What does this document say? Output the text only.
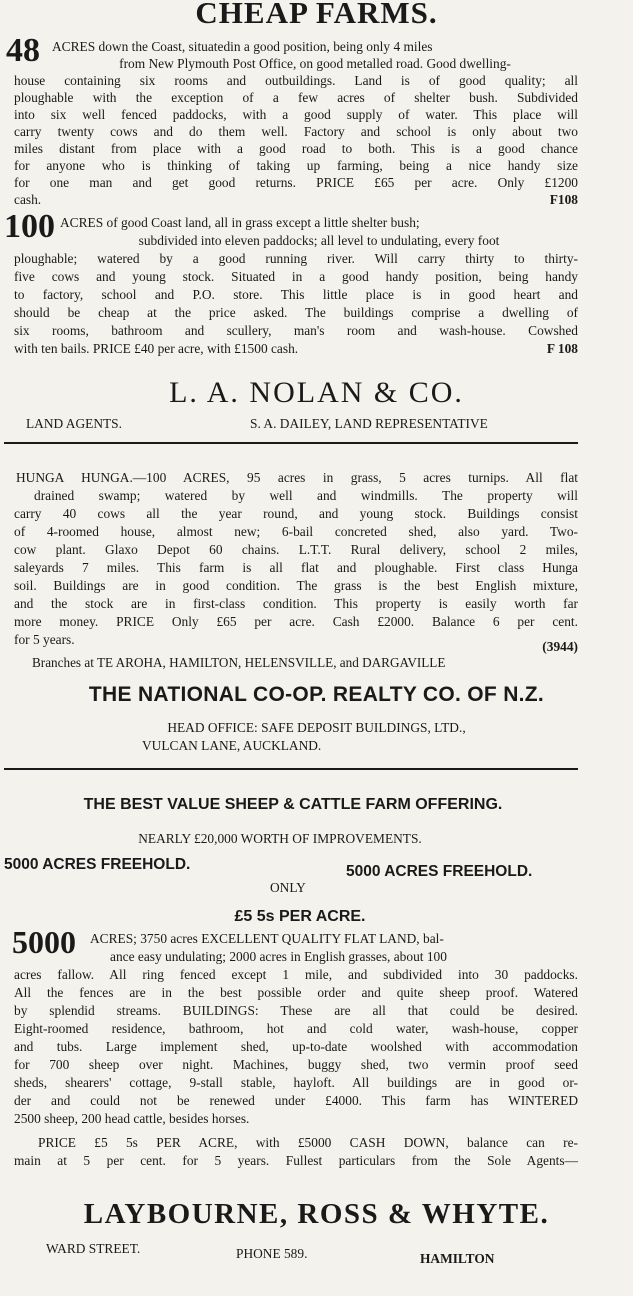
CHEAP FARMS.
48 ACRES down the Coast, situatedin a good position, being only 4 miles
from New Plymouth Post Office, on good metalled road. Good dwelling-
house containing six rooms and outbuildings. Land is of good quality; all
ploughable with the exception of a few acres of shelter bush. Subdivided
into six well fenced paddocks, with a good supply of water. This place will
carry twenty cows and do them well. Factory and school is only about two
miles distant from place with a good road to both. This is a good chance
for anyone who is thinking of taking up farming, being a nice handy size
for one man and get good returns. PRICE £65 per acre. Only £1200
cash.	F108
100 ACRES of good Coast land, all in grass except a little shelter bush;
subdivided into eleven paddocks; all level to undulating, every foot
ploughable; watered by a good running river. Will carry thirty to thirty-
five cows and young stock. Situated in a good handy position, being handy
to factory, school and P.O. store. This little place is in good heart and
should be cheap at the price asked. The buildings comprise a dwelling of
six rooms, bathroom and scullery, man's room and wash-house. Cowshed
with ten bails. PRICE £40 per acre, with £1500 cash.	F 108
L. A. NOLAN & CO.
LAND AGENTS.	S. A. DAILEY, LAND REPRESENTATIVE
HUNGA HUNGA.—100 ACRES, 95 acres in grass, 5 acres turnips. All flat
drained swamp; watered by well and windmills. The property will
carry 40 cows all the year round, and young stock. Buildings consist
of 4-roomed house, almost new; 6-bail concreted shed, also yard. Two-
cow plant. Glaxo Depot 60 chains. L.T.T. Rural delivery, school 2 miles,
saleyards 7 miles. This farm is all flat and ploughable. First class Hunga
soil. Buildings are in good condition. The grass is the best English mixture,
and the stock are in first-class condition. This property is easily worth far
more money. PRICE Only £65 per acre. Cash £2000. Balance 6 per cent.
for 5 years.	(3944)
Branches at TE AROHA, HAMILTON, HELENSVILLE, and DARGAVILLE
THE NATIONAL CO-OP. REALTY CO. OF N.Z.
HEAD OFFICE: SAFE DEPOSIT BUILDINGS, LTD.,
VULCAN LANE, AUCKLAND.
THE BEST VALUE SHEEP & CATTLE FARM OFFERING.
NEARLY £20,000 WORTH OF IMPROVEMENTS.
5000 ACRES FREEHOLD.	5000 ACRES FREEHOLD.
ONLY
£5 5s PER ACRE.
5000 ACRES; 3750 acres EXCELLENT QUALITY FLAT LAND, bal-
ance easy undulating; 2000 acres in English grasses, about 100
acres fallow. All ring fenced except 1 mile, and subdivided into 30 paddocks.
All the fences are in the best possible order and quite sheep proof. Watered
by splendid streams. BUILDINGS: These are all that could be desired.
Eight-roomed residence, bathroom, hot and cold water, wash-house, copper
and tubs. Large implement shed, up-to-date woolshed with accommodation
for 700 sheep over night. Machines, buggy shed, two vermin proof seed
sheds, shearers' cottage, 9-stall stable, hayloft. All buildings are in good or-
der and could not be renewed under £4000. This farm has WINTERED
2500 sheep, 200 head cattle, besides horses.
PRICE £5 5s PER ACRE, with £5000 CASH DOWN, balance can re-
main at 5 per cent. for 5 years. Fullest particulars from the Sole Agents—
LAYBOURNE, ROSS & WHYTE.
WARD STREET.	PHONE 589.	HAMILTON
